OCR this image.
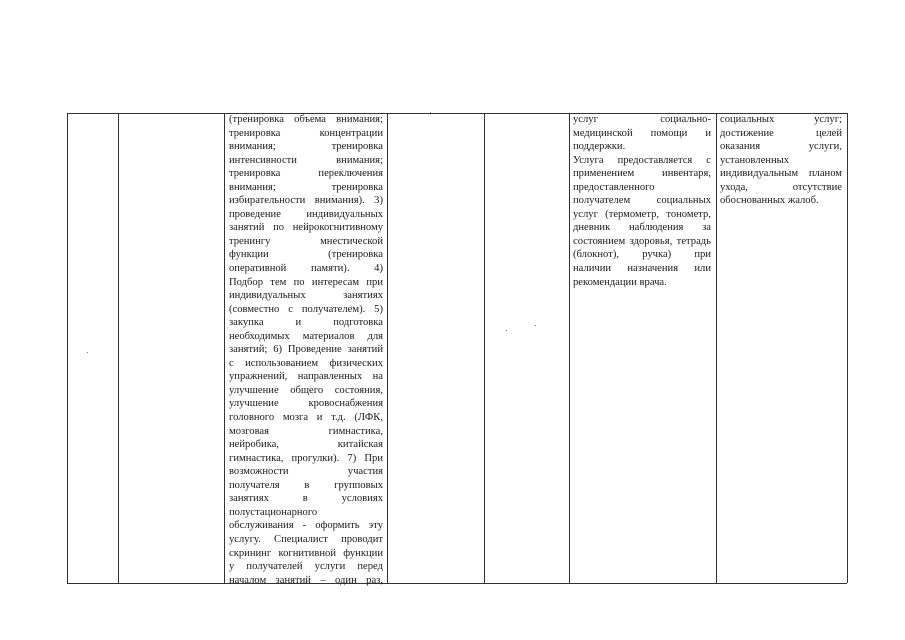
(тренировка объема внимания;
тренировка концентрации
внимания; тренировка
интенсивности внимания;
тренировка переключения
внимания; тренировка
избирательности внимания). 3)
проведение индивидуальных
занятий по нейрокогнитивному
тренингу мнестической
функции (тренировка
оперативной памяти). 4)
Подбор тем по интересам при
индивидуальных занятиях
(совместно с получателем). 5)
закупка и подготовка
необходимых материалов для
занятий; 6) Проведение занятий
с использованием физических
упражнений, направленных на
улучшение общего состояния,
улучшение кровоснабжения
головного мозга и т.д. (ЛФК,
мозговая гимнастика,
нейробика, китайская
гимнастика, прогулки). 7) При
возможности участия
получателя в групповых
занятиях в условиях
полустационарного
обслуживания - оформить эту
услугу. Специалист проводит
скрининг когнитивной функции
у получателей услуги перед
началом занятий – один раз,
услуг социально-
медицинской помощи и
поддержки.
Услуга предоставляется с
применением инвентаря,
предоставленного
получателем социальных
услуг (термометр, тонометр,
дневник наблюдения за
состоянием здоровья, тетрадь
(блокнот), ручка) при
наличии назначения или
рекомендации врача.
социальных услуг;
достижение целей
оказания услуги,
установленных
индивидуальным планом
ухода, отсутствие
обоснованных жалоб.
